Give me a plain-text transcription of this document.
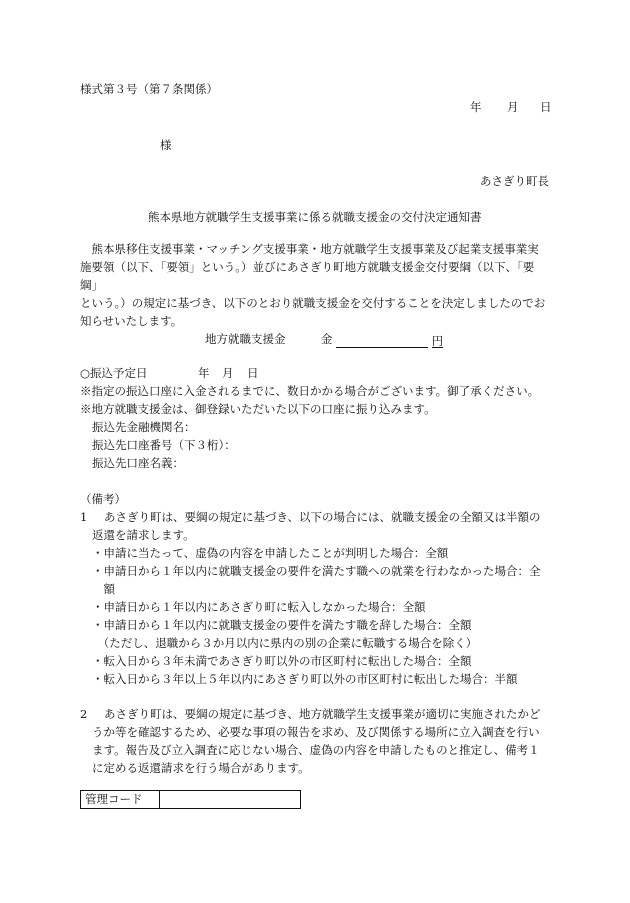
様式第３号（第７条関係）
年 月 日
様
あさぎり町長
熊本県地方就職学生支援事業に係る就職支援金の交付決定通知書
　熊本県移住支援事業・マッチング支援事業・地方就職学生支援事業及び起業支援事業実
施要領（以下、「要領」という。）並びにあさぎり町地方就職支援金交付要綱（以下、「要綱」
という。）の規定に基づき、以下のとおり就職支援金を交付することを決定しましたのでお
知らせいたします。
地方就職支援金	金	円
○振込予定日	年 月 日
※指定の振込口座に入金されるまでに、数日かかる場合がございます。御了承ください。
※地方就職支援金は、御登録いただいた以下の口座に振り込みます。
振込先金融機関名：
振込先口座番号（下３桁）：
振込先口座名義：
（備考）
1 あさぎり町は、要綱の規定に基づき、以下の場合には、就職支援金の全額又は半額の
返還を請求します。
・申請に当たって、虚偽の内容を申請したことが判明した場合：全額
・申請日から１年以内に就職支援金の要件を満たす職への就業を行わなかった場合：全
　額
・申請日から１年以内にあさぎり町に転入しなかった場合：全額
・申請日から１年以内に就職支援金の要件を満たす職を辞した場合：全額
　（ただし、退職から３か月以内に県内の別の企業に転職する場合を除く）
・転入日から３年未満であさぎり町以外の市区町村に転出した場合：全額
・転入日から３年以上５年以内にあさぎり町以外の市区町村に転出した場合：半額
2 あさぎり町は、要綱の規定に基づき、地方就職学生支援事業が適切に実施されたかど
うか等を確認するため、必要な事項の報告を求め、及び関係する場所に立入調査を行い
ます。報告及び立入調査に応じない場合、虚偽の内容を申請したものと推定し、備考１
に定める返還請求を行う場合があります。
管理コード	
